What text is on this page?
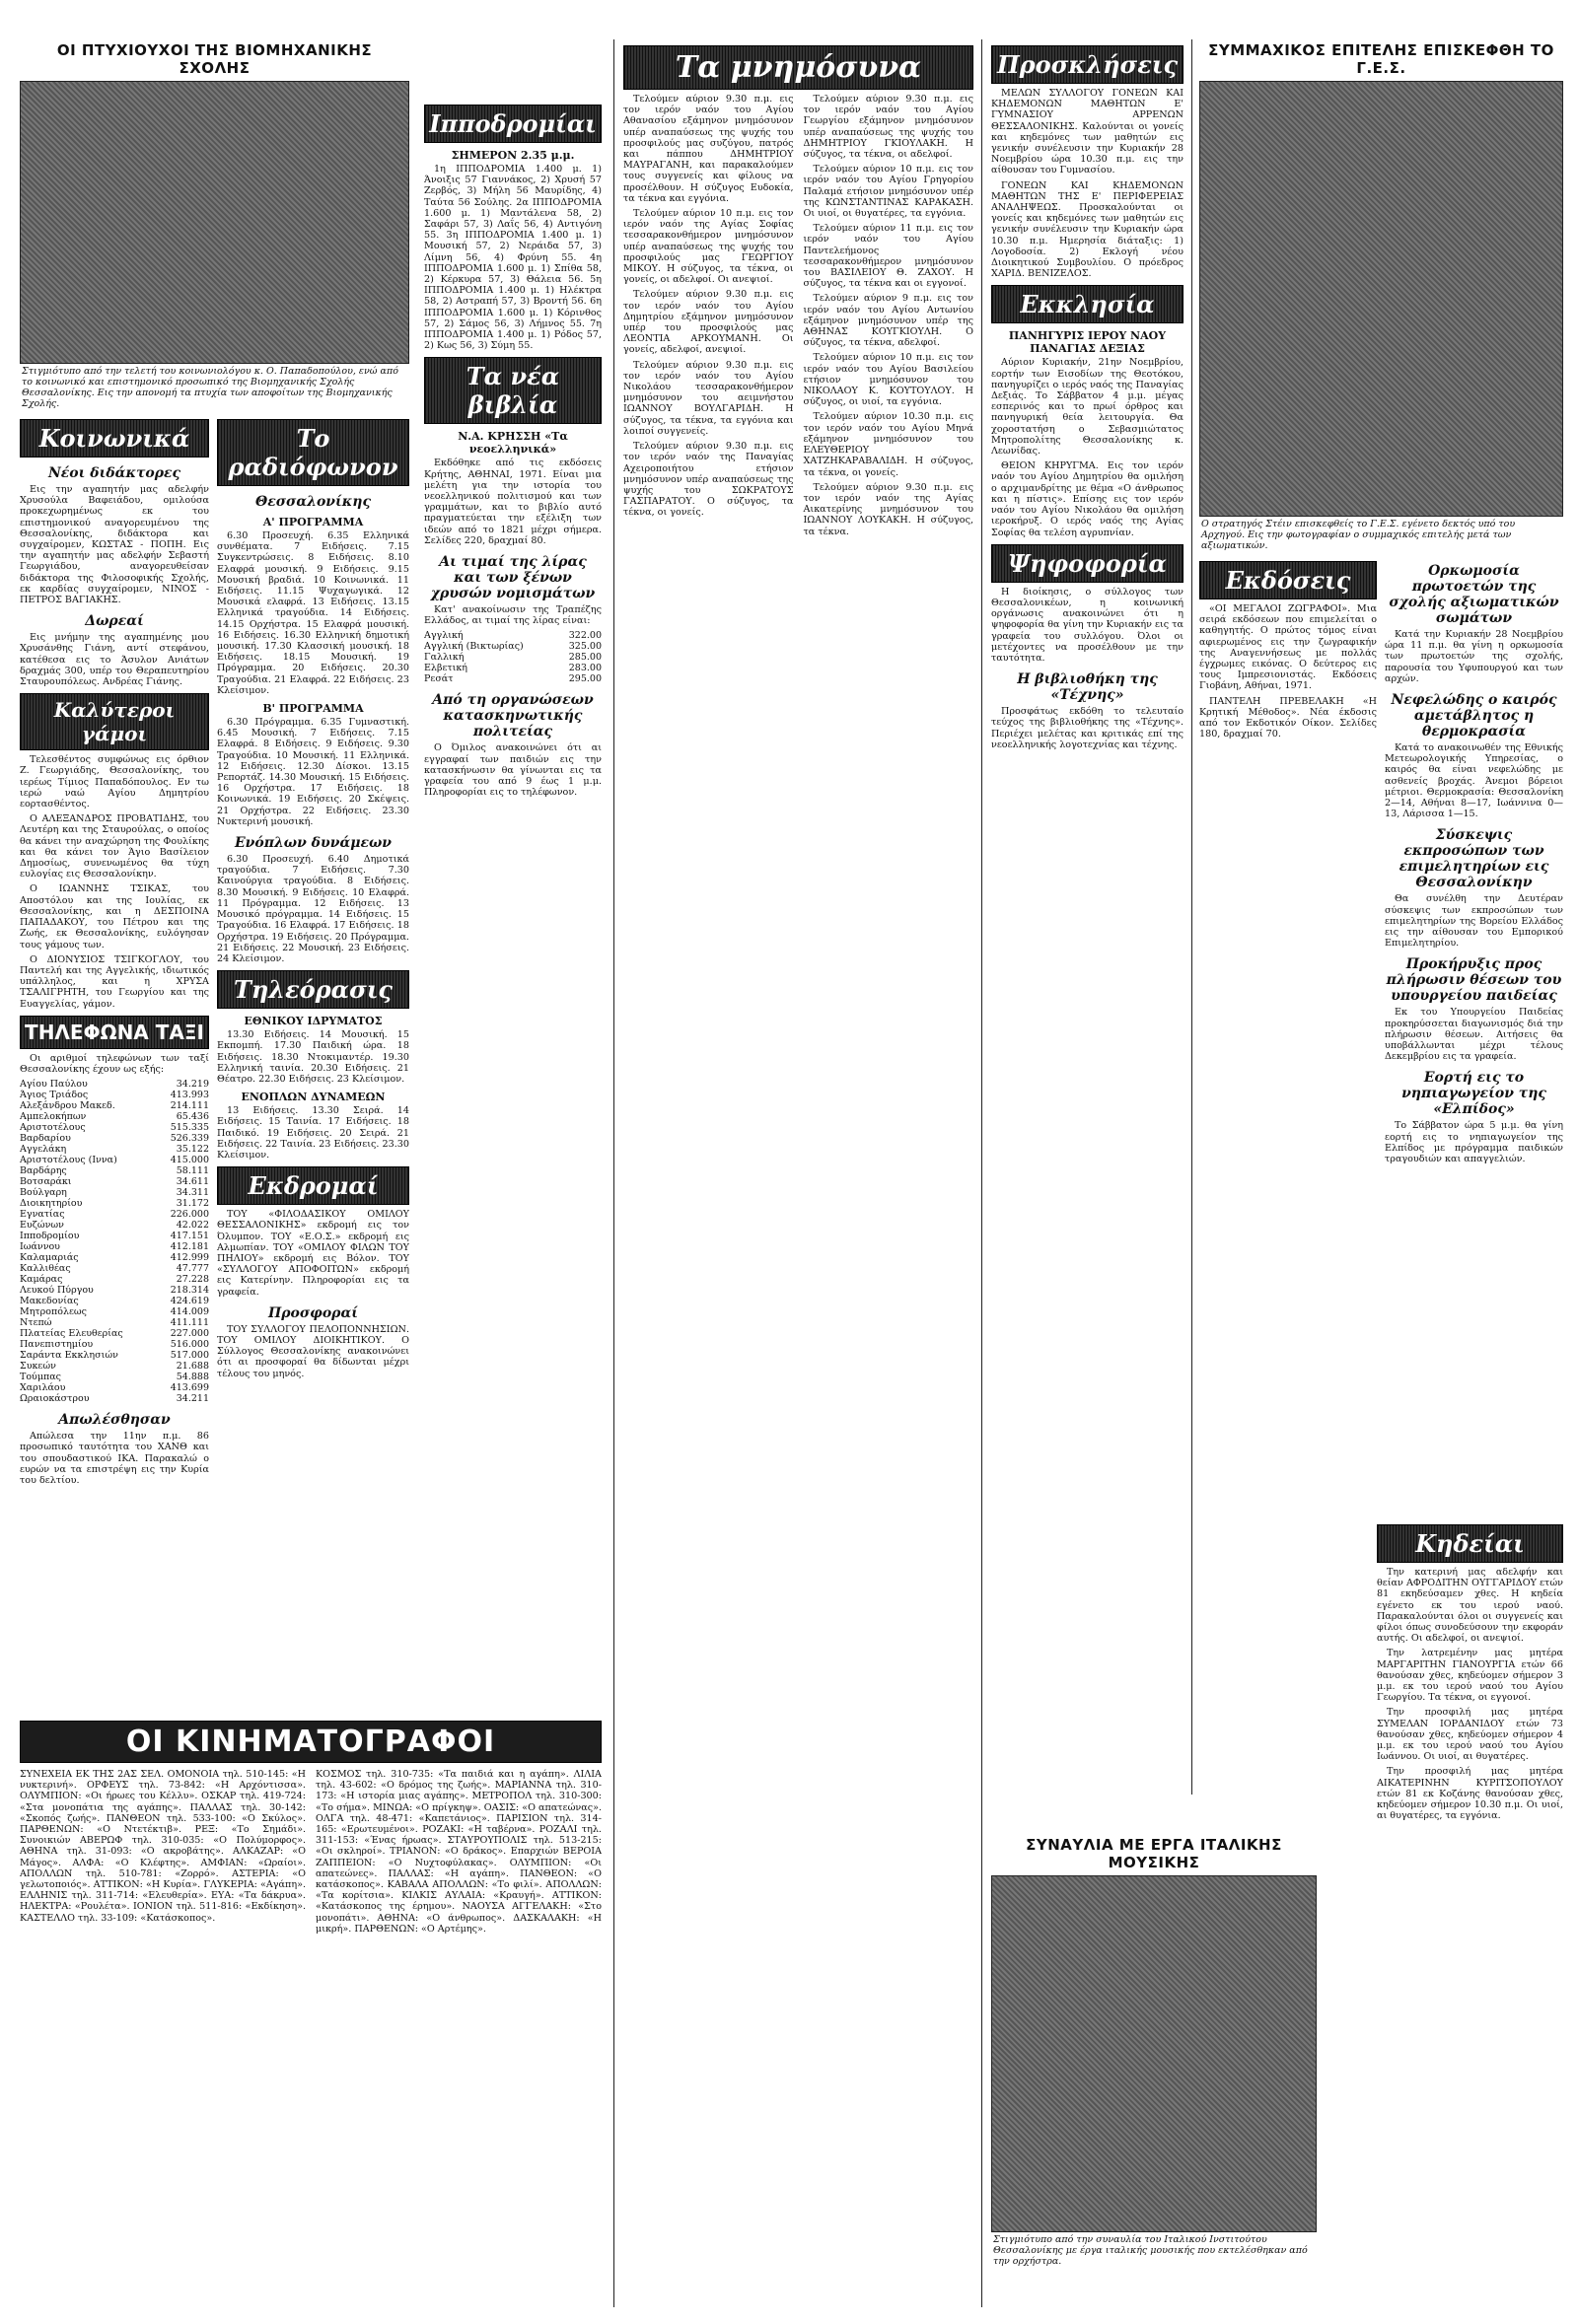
ΟΙ ΠΤΥΧΙΟΥΧΟΙ ΤΗΣ ΒΙΟΜΗΧΑΝΙΚΗΣ ΣΧΟΛΗΣ
Στιγμιότυπο από την τελετή του κοινωνιολόγου κ. Ο. Παπαδοπούλου, ενώ από το κοινωνικό και επιστημονικό προσωπικό της Βιομηχανικής Σχολής Θεσσαλονίκης. Εις την απονομή τα πτυχία των αποφοίτων της Βιομηχανικής Σχολής.
Κοινωνικά
Νέοι διδάκτορες

Εις την αγαπητήν μας αδελφήν Χρυσούλα Βαφειάδου, ομιλούσα προκεχωρημένως εκ του επιστημονικού αναγορευμένου της Θεσσαλονίκης, διδάκτορα και συγχαίρομεν, ΚΩΣΤΑΣ - ΠΟΠΗ. Εις την αγαπητήν μας αδελφήν Σεβαστή Γεωργιάδου, αναγορευθείσαν διδάκτορα της Φιλοσοφικής Σχολής, εκ καρδίας συγχαίρομεν, ΝΙΝΟΣ - ΠΕΤΡΟΣ ΒΑΓΙΑΚΗΣ.

Δωρεαί

Εις μνήμην της αγαπημένης μου Χρυσάνθης Γιάνη, αντί στεφάνου, κατέθεσα εις το Άσυλον Ανιάτων δραχμάς 300, υπέρ του Θεραπευτηρίου Σταυρουπόλεως. Ανδρέας Γιάνης.

Καλύτεροι γάμοι

Τελεσθέντος συμφώνως εις όρθιον Ζ. Γεωργιάδης, Θεσσαλονίκης, του ιερέως Τίμιος Παπαδόπουλος. Εν τω ιερώ ναώ Αγίου Δημητρίου εορτασθέντος.

Ο ΑΛΕΞΑΝΔΡΟΣ ΠΡΟΒΑΤΙΔΗΣ, του Λευτέρη και της Σταυρούλας, ο οποίος θα κάνει την αναχώρηση της Φουλίκης και θα κάνει τον Άγιο Βασίλειον Δημοσίως, συνενωμένος θα τύχη ευλογίας εις Θεσσαλονίκην.

Ο ΙΩΑΝΝΗΣ ΤΣΙΚΑΣ, του Αποστόλου και της Ιουλίας, εκ Θεσσαλονίκης, και η ΔΕΣΠΟΙΝΑ ΠΑΠΑΔΑΚΟΥ, του Πέτρου και της Ζωής, εκ Θεσσαλονίκης, ευλόγησαν τους γάμους των.

Ο ΔΙΟΝΥΣΙΟΣ ΤΣΙΓΚΟΓΛΟΥ, του Παντελή και της Αγγελικής, ιδιωτικός υπάλληλος, και η ΧΡΥΣΑ ΤΣΑΛΙΓΡΗΤΗ, του Γεωργίου και της Ευαγγελίας, γάμον.

ΤΗΛΕΦΩΝΑ ΤΑΞΙ

Οι αριθμοί τηλεφώνων των ταξί Θεσσαλονίκης έχουν ως εξής:

Αγίου Παύλου	34.219
Άγιος Τριάδος	413.993
Αλεξάνδρου Μακεδ.	214.111
Αμπελοκήπων	65.436
Αριστοτέλους	515.335
Βαρδαρίου	526.339
Αγγελάκη	35.122
Αριστοτέλους (Ιννα)	415.000
Βαρδάρης	58.111
Βοτσαράκι	34.611
Βούλγαρη	34.311
Διοικητηρίου	31.172
Εγνατίας	226.000
Ευζώνων	42.022
Ιπποδρομίου	417.151
Ιωάννου	412.181
Καλαμαριάς	412.999
Καλλιθέας	47.777
Καμάρας	27.228
Λευκού Πύργου	218.314
Μακεδονίας	424.619
Μητροπόλεως	414.009
Ντεπώ	411.111
Πλατείας Ελευθερίας	227.000
Πανεπιστημίου	516.000
Σαράντα Εκκλησιών	517.000
Συκεών	21.688
Τούμπας	54.888
Χαριλάου	413.699
Ωραιοκάστρου	34.211
Απωλέσθησαν

Απώλεσα την 11ην π.μ. 86 προσωπικό ταυτότητα του ΧΑΝΘ και του σπουδαστικού ΙΚΑ. Παρακαλώ ο ευρών να τα επιστρέψη εις την Κυρία του δελτίου.

Το ραδιόφωνον
Θεσσαλονίκης
Α' ΠΡΟΓΡΑΜΜΑ

6.30 Προσευχή. 6.35 Ελληνικά συνθέματα. 7 Ειδήσεις. 7.15 Συγκεντρώσεις. 8 Ειδήσεις. 8.10 Ελαφρά μουσική. 9 Ειδήσεις. 9.15 Μουσική βραδιά. 10 Κοινωνικά. 11 Ειδήσεις. 11.15 Ψυχαγωγικά. 12 Μουσικά ελαφρά. 13 Ειδήσεις. 13.15 Ελληνικά τραγούδια. 14 Ειδήσεις. 14.15 Ορχήστρα. 15 Ελαφρά μουσική. 16 Ειδήσεις. 16.30 Ελληνική δημοτική μουσική. 17.30 Κλασσική μουσική. 18 Ειδήσεις. 18.15 Μουσική. 19 Πρόγραμμα. 20 Ειδήσεις. 20.30 Τραγούδια. 21 Ελαφρά. 22 Ειδήσεις. 23 Κλείσιμον.

Β' ΠΡΟΓΡΑΜΜΑ

6.30 Πρόγραμμα. 6.35 Γυμναστική. 6.45 Μουσική. 7 Ειδήσεις. 7.15 Ελαφρά. 8 Ειδήσεις. 9 Ειδήσεις. 9.30 Τραγούδια. 10 Μουσική. 11 Ελληνικά. 12 Ειδήσεις. 12.30 Δίσκοι. 13.15 Ρεπορτάζ. 14.30 Μουσική. 15 Ειδήσεις. 16 Ορχήστρα. 17 Ειδήσεις. 18 Κοινωνικά. 19 Ειδήσεις. 20 Σκέψεις. 21 Ορχήστρα. 22 Ειδήσεις. 23.30 Νυκτερινή μουσική.

Ενόπλων δυνάμεων

6.30 Προσευχή. 6.40 Δημοτικά τραγούδια. 7 Ειδήσεις. 7.30 Καινούργια τραγούδια. 8 Ειδήσεις. 8.30 Μουσική. 9 Ειδήσεις. 10 Ελαφρά. 11 Πρόγραμμα. 12 Ειδήσεις. 13 Μουσικό πρόγραμμα. 14 Ειδήσεις. 15 Τραγούδια. 16 Ελαφρά. 17 Ειδήσεις. 18 Ορχήστρα. 19 Ειδήσεις. 20 Πρόγραμμα. 21 Ειδήσεις. 22 Μουσική. 23 Ειδήσεις. 24 Κλείσιμον.

Τηλεόρασις
ΕΘΝΙΚΟΥ ΙΔΡΥΜΑΤΟΣ

13.30 Ειδήσεις. 14 Μουσική. 15 Εκπομπή. 17.30 Παιδική ώρα. 18 Ειδήσεις. 18.30 Ντοκιμαντέρ. 19.30 Ελληνική ταινία. 20.30 Ειδήσεις. 21 Θέατρο. 22.30 Ειδήσεις. 23 Κλείσιμον.

ΕΝΟΠΛΩΝ ΔΥΝΑΜΕΩΝ

13 Ειδήσεις. 13.30 Σειρά. 14 Ειδήσεις. 15 Ταινία. 17 Ειδήσεις. 18 Παιδικό. 19 Ειδήσεις. 20 Σειρά. 21 Ειδήσεις. 22 Ταινία. 23 Ειδήσεις. 23.30 Κλείσιμον.

Εκδρομαί

ΤΟΥ «ΦΙΛΟΔΑΣΙΚΟΥ ΟΜΙΛΟΥ ΘΕΣΣΑΛΟΝΙΚΗΣ» εκδρομή εις τον Όλυμπον. ΤΟΥ «Ε.Ο.Σ.» εκδρομή εις Αλμωπίαν. ΤΟΥ «ΟΜΙΛΟΥ ΦΙΛΩΝ ΤΟΥ ΠΗΛΙΟΥ» εκδρομή εις Βόλον. ΤΟΥ «ΣΥΛΛΟΓΟΥ ΑΠΟΦΟΙΤΩΝ» εκδρομή εις Κατερίνην. Πληροφορίαι εις τα γραφεία.

Προσφοραί

ΤΟΥ ΣΥΛΛΟΓΟΥ ΠΕΛΟΠΟΝΝΗΣΙΩΝ. ΤΟΥ ΟΜΙΛΟΥ ΔΙΟΙΚΗΤΙΚΟΥ. Ο Σύλλογος Θεσσαλονίκης ανακοινώνει ότι αι προσφοραί θα δίδωνται μέχρι τέλους του μηνός.

Ιπποδρομίαι
ΣΗΜΕΡΟΝ 2.35 μ.μ.

1η ΙΠΠΟΔΡΟΜΙΑ 1.400 μ. 1) Άνοιξις 57 Γιαννάκος, 2) Χρυσή 57 Ζερβός, 3) Μήλη 56 Μαυρίδης, 4) Ταύτα 56 Σούλης. 2α ΙΠΠΟΔΡΟΜΙΑ 1.600 μ. 1) Μαντάλενα 58, 2) Σαφάρι 57, 3) Λαΐς 56, 4) Αντιγόνη 55. 3η ΙΠΠΟΔΡΟΜΙΑ 1.400 μ. 1) Μουσική 57, 2) Νεράιδα 57, 3) Λίμνη 56, 4) Φρύνη 55. 4η ΙΠΠΟΔΡΟΜΙΑ 1.600 μ. 1) Σπίθα 58, 2) Κέρκυρα 57, 3) Θάλεια 56. 5η ΙΠΠΟΔΡΟΜΙΑ 1.400 μ. 1) Ηλέκτρα 58, 2) Αστραπή 57, 3) Βροντή 56. 6η ΙΠΠΟΔΡΟΜΙΑ 1.600 μ. 1) Κόρινθος 57, 2) Σάμος 56, 3) Λήμνος 55. 7η ΙΠΠΟΔΡΟΜΙΑ 1.400 μ. 1) Ρόδος 57, 2) Κως 56, 3) Σύμη 55.

Τα νέα βιβλία
Ν.Α. ΚΡΗΣΣΗ «Τα νεοελληνικά»

Εκδόθηκε από τις εκδόσεις Κρήτης, ΑΘΗΝΑΙ, 1971. Είναι μια μελέτη για την ιστορία του νεοελληνικού πολιτισμού και των γραμμάτων, και το βιβλίο αυτό πραγματεύεται την εξέλιξη των ιδεών από το 1821 μέχρι σήμερα. Σελίδες 220, δραχμαί 80.

Αι τιμαί της λίρας και των ξένων χρυσών νομισμάτων

Κατ' ανακοίνωσιν της Τραπέζης Ελλάδος, αι τιμαί της λίρας είναι:

Αγγλική	322.00
Αγγλική (Βικτωρίας)	325.00
Γαλλική	285.00
Ελβετική	283.00
Ρεσάτ	295.00
Από τη οργανώσεων κατασκηνωτικής πολιτείας

Ο Όμιλος ανακοινώνει ότι αι εγγραφαί των παιδιών εις την κατασκήνωσιν θα γίνωνται εις τα γραφεία του από 9 έως 1 μ.μ. Πληροφορίαι εις το τηλέφωνον.

ΟΙ ΚΙΝΗΜΑΤΟΓΡΑΦΟΙ

ΣΥΝΕΧΕΙΑ ΕΚ ΤΗΣ 2ΑΣ ΣΕΛ. ΟΜΟΝΟΙΑ τηλ. 510-145: «Η νυκτερινή». ΟΡΦΕΥΣ τηλ. 73-842: «Η Αρχόντισσα». ΟΛΥΜΠΙΟΝ: «Οι ήρωες του Κέλλυ». ΟΣΚΑΡ τηλ. 419-724: «Στα μονοπάτια της αγάπης». ΠΑΛΛΑΣ τηλ. 30-142: «Σκοπός ζωής». ΠΑΝΘΕΟΝ τηλ. 533-100: «Ο Σκύλος». ΠΑΡΘΕΝΩΝ: «Ο Ντετέκτιβ». ΡΕΞ: «Το Σημάδι». Συνοικιών ΑΒΕΡΩΦ τηλ. 310-035: «Ο Πολύμορφος». ΑΘΗΝΑ τηλ. 31-093: «Ο ακροβάτης». ΑΛΚΑΖΑΡ: «Ο Μάγος». ΑΛΦΑ: «Ο Κλέφτης». ΑΜΦΙΑΝ: «Ωραίοι». ΑΠΟΛΛΩΝ τηλ. 510-781: «Ζορρό». ΑΣΤΕΡΙΑ: «Ο γελωτοποιός». ΑΤΤΙΚΟΝ: «Η Κυρία». ΓΛΥΚΕΡΙΑ: «Αγάπη». ΕΛΛΗΝΙΣ τηλ. 311-714: «Ελευθερία». ΕΥΑ: «Τα δάκρυα». ΗΛΕΚΤΡΑ: «Ρουλέτα». ΙΟΝΙΟΝ τηλ. 511-816: «Εκδίκηση». ΚΑΣΤΕΛΛΟ τηλ. 33-109: «Κατάσκοπος».

ΚΟΣΜΟΣ τηλ. 310-735: «Τα παιδιά και η αγάπη». ΛΙΛΙΑ τηλ. 43-602: «Ο δρόμος της ζωής». ΜΑΡΙΑΝΝΑ τηλ. 310-173: «Η ιστορία μιας αγάπης». ΜΕΤΡΟΠΟΛ τηλ. 310-300: «Το σήμα». ΜΙΝΩΑ: «Ο πρίγκηψ». ΟΑΣΙΣ: «Ο απατεώνας». ΟΛΓΑ τηλ. 48-471: «Καπετάνιος». ΠΑΡΙΣΙΟΝ τηλ. 314-165: «Ερωτευμένοι». ΡΟΖΑΚΙ: «Η ταβέρνα». ΡΟΖΑΛΙ τηλ. 311-153: «Ένας ήρωας». ΣΤΑΥΡΟΥΠΟΛΙΣ τηλ. 513-215: «Οι σκληροί». ΤΡΙΑΝΟΝ: «Ο δράκος». Επαρχιών ΒΕΡΟΙΑ ΖΑΠΠΕΙΟΝ: «Ο Νυχτοφύλακας». ΟΛΥΜΠΙΟΝ: «Οι απατεώνες». ΠΑΛΛΑΣ: «Η αγάπη». ΠΑΝΘΕΟΝ: «Ο κατάσκοπος». ΚΑΒΑΛΑ ΑΠΟΛΛΩΝ: «Το φιλί». ΑΠΟΛΛΩΝ: «Τα κορίτσια». ΚΙΛΚΙΣ ΑΥΛΑΙΑ: «Κραυγή». ΑΤΤΙΚΟΝ: «Κατάσκοπος της έρημου». ΝΑΟΥΣΑ ΑΓΓΕΛΑΚΗ: «Στο μονοπάτι». ΑΘΗΝΑ: «Ο άνθρωπος». ΔΑΣΚΑΛΑΚΗ: «Η μικρή». ΠΑΡΘΕΝΩΝ: «Ο Αρτέμης».

Τα μνημόσυνα

Τελούμεν αύριον 9.30 π.μ. εις τον ιερόν ναόν του Αγίου Αθανασίου εξάμηνον μνημόσυνον υπέρ αναπαύσεως της ψυχής του προσφιλούς μας συζύγου, πατρός και πάππου ΔΗΜΗΤΡΙΟΥ ΜΑΥΡΑΓΑΝΗ, και παρακαλούμεν τους συγγενείς και φίλους να προσέλθουν. Η σύζυγος Ευδοκία, τα τέκνα και εγγόνια.

Τελούμεν αύριον 10 π.μ. εις τον ιερόν ναόν της Αγίας Σοφίας τεσσαρακονθήμερον μνημόσυνον υπέρ αναπαύσεως της ψυχής του προσφιλούς μας ΓΕΩΡΓΙΟΥ ΜΙΚΟΥ. Η σύζυγος, τα τέκνα, οι γονείς, οι αδελφοί. Οι ανεψιοί.

Τελούμεν αύριον 9.30 π.μ. εις τον ιερόν ναόν του Αγίου Δημητρίου εξάμηνον μνημόσυνον υπέρ του προσφιλούς μας ΛΕΟΝΤΙΑ ΑΡΚΟΥΜΑΝΗ. Οι γονείς, αδελφοί, ανεψιοί.

Τελούμεν αύριον 9.30 π.μ. εις τον ιερόν ναόν του Αγίου Νικολάου τεσσαρακονθήμερον μνημόσυνον του αειμνήστου ΙΩΑΝΝΟΥ ΒΟΥΛΓΑΡΙΔΗ. Η σύζυγος, τα τέκνα, τα εγγόνια και λοιποί συγγενείς.

Τελούμεν αύριον 9.30 π.μ. εις τον ιερόν ναόν της Παναγίας Αχειροποιήτου ετήσιον μνημόσυνον υπέρ αναπαύσεως της ψυχής του ΣΩΚΡΑΤΟΥΣ ΓΑΣΠΑΡΑΤΟΥ. Ο σύζυγος, τα τέκνα, οι γονείς.

Τελούμεν αύριον 9.30 π.μ. εις τον ιερόν ναόν του Αγίου Γεωργίου εξάμηνον μνημόσυνον υπέρ αναπαύσεως της ψυχής του ΔΗΜΗΤΡΙΟΥ ΓΚΙΟΥΛΑΚΗ. Η σύζυγος, τα τέκνα, οι αδελφοί.

Τελούμεν αύριον 10 π.μ. εις τον ιερόν ναόν του Αγίου Γρηγορίου Παλαμά ετήσιον μνημόσυνον υπέρ της ΚΩΝΣΤΑΝΤΙΝΑΣ ΚΑΡΑΚΑΣΗ. Οι υιοί, οι θυγατέρες, τα εγγόνια.

Τελούμεν αύριον 11 π.μ. εις τον ιερόν ναόν του Αγίου Παντελεήμονος τεσσαρακονθήμερον μνημόσυνον του ΒΑΣΙΛΕΙΟΥ Θ. ΖΑΧΟΥ. Η σύζυγος, τα τέκνα και οι εγγονοί.

Τελούμεν αύριον 9 π.μ. εις τον ιερόν ναόν του Αγίου Αντωνίου εξάμηνον μνημόσυνον υπέρ της ΑΘΗΝΑΣ ΚΟΥΓΚΙΟΥΛΗ. Ο σύζυγος, τα τέκνα, αδελφοί.

Τελούμεν αύριον 10 π.μ. εις τον ιερόν ναόν του Αγίου Βασιλείου ετήσιον μνημόσυνον του ΝΙΚΟΛΑΟΥ Κ. ΚΟΥΤΟΥΛΟΥ. Η σύζυγος, οι υιοί, τα εγγόνια.

Τελούμεν αύριον 10.30 π.μ. εις τον ιερόν ναόν του Αγίου Μηνά εξάμηνον μνημόσυνον του ΕΛΕΥΘΕΡΙΟΥ ΧΑΤΖΗΚΑΡΑΒΑΛΙΔΗ. Η σύζυγος, τα τέκνα, οι γονείς.

Τελούμεν αύριον 9.30 π.μ. εις τον ιερόν ναόν της Αγίας Αικατερίνης μνημόσυνον του ΙΩΑΝΝΟΥ ΛΟΥΚΑΚΗ. Η σύζυγος, τα τέκνα.

Προσκλήσεις

ΜΕΛΩΝ ΣΥΛΛΟΓΟΥ ΓΟΝΕΩΝ ΚΑΙ ΚΗΔΕΜΟΝΩΝ ΜΑΘΗΤΩΝ Ε' ΓΥΜΝΑΣΙΟΥ ΑΡΡΕΝΩΝ ΘΕΣΣΑΛΟΝΙΚΗΣ. Καλούνται οι γονείς και κηδεμόνες των μαθητών εις γενικήν συνέλευσιν την Κυριακήν 28 Νοεμβρίου ώρα 10.30 π.μ. εις την αίθουσαν του Γυμνασίου.

ΓΟΝΕΩΝ ΚΑΙ ΚΗΔΕΜΟΝΩΝ ΜΑΘΗΤΩΝ ΤΗΣ Ε' ΠΕΡΙΦΕΡΕΙΑΣ ΑΝΑΛΗΨΕΩΣ. Προσκαλούνται οι γονείς και κηδεμόνες των μαθητών εις γενικήν συνέλευσιν την Κυριακήν ώρα 10.30 π.μ. Ημερησία διάταξις: 1) Λογοδοσία. 2) Εκλογή νέου Διοικητικού Συμβουλίου. Ο πρόεδρος ΧΑΡΙΔ. ΒΕΝΙΖΕΛΟΣ.

Εκκλησία
ΠΑΝΗΓΥΡΙΣ ΙΕΡΟΥ ΝΑΟΥ ΠΑΝΑΓΙΑΣ ΔΕΞΙΑΣ

Αύριον Κυριακήν, 21ην Νοεμβρίου, εορτήν των Εισοδίων της Θεοτόκου, πανηγυρίζει ο ιερός ναός της Παναγίας Δεξιάς. Το Σάββατον 4 μ.μ. μέγας εσπερινός και το πρωί όρθρος και πανηγυρική θεία λειτουργία. Θα χοροστατήση ο Σεβασμιώτατος Μητροπολίτης Θεσσαλονίκης κ. Λεωνίδας.

ΘΕΙΟΝ ΚΗΡΥΓΜΑ. Εις τον ιερόν ναόν του Αγίου Δημητρίου θα ομιλήση ο αρχιμανδρίτης με θέμα «Ο άνθρωπος και η πίστις». Επίσης εις τον ιερόν ναόν του Αγίου Νικολάου θα ομιλήση ιεροκήρυξ. Ο ιερός ναός της Αγίας Σοφίας θα τελέση αγρυπνίαν.

Ψηφοφορία

Η διοίκησις, ο σύλλογος των Θεσσαλονικέων, η κοινωνική οργάνωσις ανακοινώνει ότι η ψηφοφορία θα γίνη την Κυριακήν εις τα γραφεία του συλλόγου. Όλοι οι μετέχοντες να προσέλθουν με την ταυτότητα.

Η βιβλιοθήκη της «Τέχνης»

Προσφάτως εκδόθη το τελευταίο τεύχος της βιβλιοθήκης της «Τέχνης». Περιέχει μελέτας και κριτικάς επί της νεοελληνικής λογοτεχνίας και τέχνης.

ΣΥΝΑΥΛΙΑ ΜΕ ΕΡΓΑ ΙΤΑΛΙΚΗΣ ΜΟΥΣΙΚΗΣ
Στιγμιότυπο από την συναυλία του Ιταλικού Ινστιτούτου Θεσσαλονίκης με έργα ιταλικής μουσικής που εκτελέσθηκαν από την ορχήστρα.
ΣΥΜΜΑΧΙΚΟΣ ΕΠΙΤΕΛΗΣ ΕΠΙΣΚΕΦΘΗ ΤΟ Γ.Ε.Σ.
Ο στρατηγός Στέιν επισκεφθείς το Γ.Ε.Σ. εγένετο δεκτός υπό του Αρχηγού. Εις την φωτογραφίαν ο συμμαχικός επιτελής μετά των αξιωματικών.
Εκδόσεις

«ΟΙ ΜΕΓΑΛΟΙ ΖΩΓΡΑΦΟΙ». Μια σειρά εκδόσεων που επιμελείται ο καθηγητής. Ο πρώτος τόμος είναι αφιερωμένος εις την ζωγραφικήν της Αναγεννήσεως με πολλάς έγχρωμες εικόνας. Ο δεύτερος εις τους Ιμπρεσιονιστάς. Εκδόσεις Γιοβάνη, Αθήναι, 1971.

ΠΑΝΤΕΛΗ ΠΡΕΒΕΛΑΚΗ «Η Κρητική Μέθοδος». Νέα έκδοσις από τον Εκδοτικόν Οίκον. Σελίδες 180, δραχμαί 70.

Ορκωμοσία πρωτοετών της σχολής αξιωματικών σωμάτων

Κατά την Κυριακήν 28 Νοεμβρίου ώρα 11 π.μ. θα γίνη η ορκωμοσία των πρωτοετών της σχολής, παρουσία του Υφυπουργού και των αρχών.

Νεφελώδης ο καιρός αμετάβλητος η θερμοκρασία

Κατά το ανακοινωθέν της Εθνικής Μετεωρολογικής Υπηρεσίας, ο καιρός θα είναι νεφελώδης με ασθενείς βροχάς. Άνεμοι βόρειοι μέτριοι. Θερμοκρασία: Θεσσαλονίκη 2—14, Αθήναι 8—17, Ιωάννινα 0—13, Λάρισσα 1—15.

Σύσκεψις εκπροσώπων των επιμελητηρίων εις Θεσσαλονίκην

Θα συνέλθη την Δευτέραν σύσκεψις των εκπροσώπων των επιμελητηρίων της Βορείου Ελλάδος εις την αίθουσαν του Εμπορικού Επιμελητηρίου.

Προκήρυξις προς πλήρωσιν θέσεων του υπουργείου παιδείας

Εκ του Υπουργείου Παιδείας προκηρύσσεται διαγωνισμός διά την πλήρωσιν θέσεων. Αιτήσεις θα υποβάλλωνται μέχρι τέλους Δεκεμβρίου εις τα γραφεία.

Εορτή εις το νηπιαγωγείον της «Ελπίδος»

Το Σάββατον ώρα 5 μ.μ. θα γίνη εορτή εις το νηπιαγωγείον της Ελπίδος με πρόγραμμα παιδικών τραγουδιών και απαγγελιών.

Κηδείαι

Την κατερινή μας αδελφήν και θείαν ΑΦΡΟΔΙΤΗΝ ΟΥΓΓΑΡΙΔΟΥ ετών 81 εκηδεύσαμεν χθες. Η κηδεία εγένετο εκ του ιερού ναού. Παρακαλούνται όλοι οι συγγενείς και φίλοι όπως συνοδεύσουν την εκφοράν αυτής. Οι αδελφοί, οι ανεψιοί.

Την λατρεμένην μας μητέρα ΜΑΡΓΑΡΙΤΗΝ ΓΙΑΝΟΥΡΓΙΑ ετών 66 θανούσαν χθες, κηδεύομεν σήμερον 3 μ.μ. εκ του ιερού ναού του Αγίου Γεωργίου. Τα τέκνα, οι εγγονοί.

Την προσφιλή μας μητέρα ΣΥΜΕΛΑΝ ΙΟΡΔΑΝΙΔΟΥ ετών 73 θανούσαν χθες, κηδεύομεν σήμερον 4 μ.μ. εκ του ιερού ναού του Αγίου Ιωάννου. Οι υιοί, αι θυγατέρες.

Την προσφιλή μας μητέρα ΑΙΚΑΤΕΡΙΝΗΝ ΚΥΡΙΤΣΟΠΟΥΛΟΥ ετών 81 εκ Κοζάνης θανούσαν χθες, κηδεύομεν σήμερον 10.30 π.μ. Οι υιοί, αι θυγατέρες, τα εγγόνια.
